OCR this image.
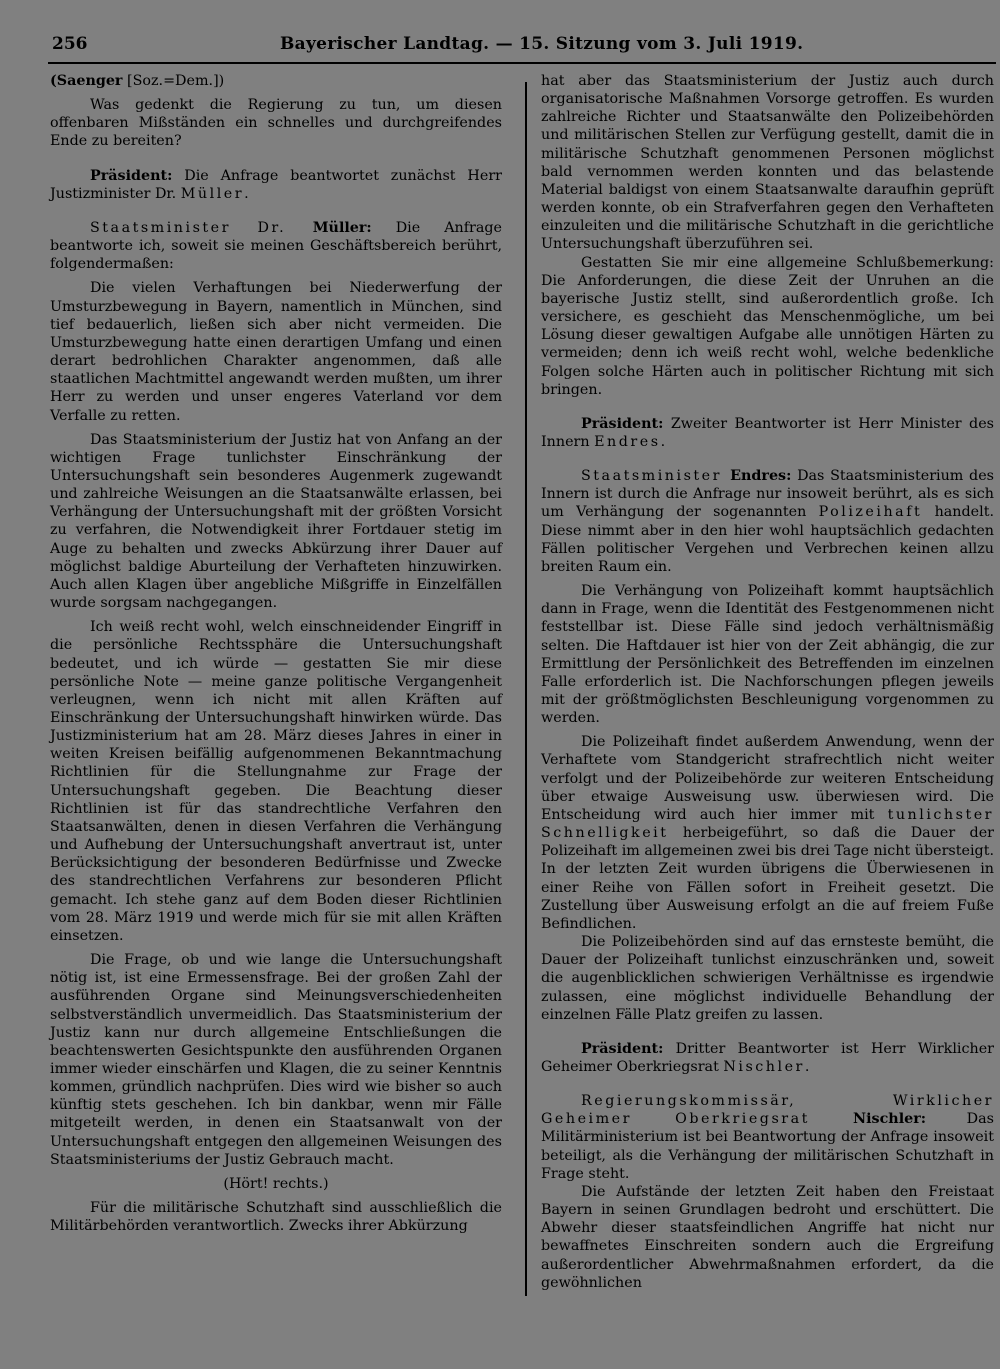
256	Bayerischer Landtag. — 15. Sitzung vom 3. Juli 1919.

(Saenger [Soz.=Dem.])

Was gedenkt die Regierung zu tun, um diesen offenbaren Mißständen ein schnelles und durchgreifendes Ende zu bereiten?

Präsident: Die Anfrage beantwortet zunächst Herr Justizminister Dr. Müller.

Staatsminister Dr. Müller: Die Anfrage beantworte ich, soweit sie meinen Geschäftsbereich berührt, folgendermaßen:

Die vielen Verhaftungen bei Niederwerfung der Umsturzbewegung in Bayern, namentlich in München, sind tief bedauerlich, ließen sich aber nicht vermeiden. Die Umsturzbewegung hatte einen derartigen Umfang und einen derart bedrohlichen Charakter angenommen, daß alle staatlichen Machtmittel angewandt werden mußten, um ihrer Herr zu werden und unser engeres Vaterland vor dem Verfalle zu retten.

Das Staatsministerium der Justiz hat von Anfang an der wichtigen Frage tunlichster Einschränkung der Untersuchungshaft sein besonderes Augenmerk zugewandt und zahlreiche Weisungen an die Staatsanwälte erlassen, bei Verhängung der Untersuchungshaft mit der größten Vorsicht zu verfahren, die Notwendigkeit ihrer Fortdauer stetig im Auge zu behalten und zwecks Abkürzung ihrer Dauer auf möglichst baldige Aburteilung der Verhafteten hinzuwirken. Auch allen Klagen über angebliche Mißgriffe in Einzelfällen wurde sorgsam nachgegangen.

Ich weiß recht wohl, welch einschneidender Eingriff in die persönliche Rechtssphäre die Untersuchungshaft bedeutet, und ich würde — gestatten Sie mir diese persönliche Note — meine ganze politische Vergangenheit verleugnen, wenn ich nicht mit allen Kräften auf Einschränkung der Untersuchungshaft hinwirken würde. Das Justizministerium hat am 28. März dieses Jahres in einer in weiten Kreisen beifällig aufgenommenen Bekanntmachung Richtlinien für die Stellungnahme zur Frage der Untersuchungshaft gegeben. Die Beachtung dieser Richtlinien ist für das standrechtliche Verfahren den Staatsanwälten, denen in diesen Verfahren die Verhängung und Aufhebung der Untersuchungshaft anvertraut ist, unter Berücksichtigung der besonderen Bedürfnisse und Zwecke des standrechtlichen Verfahrens zur besonderen Pflicht gemacht. Ich stehe ganz auf dem Boden dieser Richtlinien vom 28. März 1919 und werde mich für sie mit allen Kräften einsetzen.

Die Frage, ob und wie lange die Untersuchungshaft nötig ist, ist eine Ermessensfrage. Bei der großen Zahl der ausführenden Organe sind Meinungsverschiedenheiten selbstverständlich unvermeidlich. Das Staatsministerium der Justiz kann nur durch allgemeine Entschließungen die beachtenswerten Gesichtspunkte den ausführenden Organen immer wieder einschärfen und Klagen, die zu seiner Kenntnis kommen, gründlich nachprüfen. Dies wird wie bisher so auch künftig stets geschehen. Ich bin dankbar, wenn mir Fälle mitgeteilt werden, in denen ein Staatsanwalt von der Untersuchungshaft entgegen den allgemeinen Weisungen des Staatsministeriums der Justiz Gebrauch macht.

(Hört! rechts.)

Für die militärische Schutzhaft sind ausschließlich die Militärbehörden verantwortlich. Zwecks ihrer Abkürzung

hat aber das Staatsministerium der Justiz auch durch organisatorische Maßnahmen Vorsorge getroffen. Es wurden zahlreiche Richter und Staatsanwälte den Polizeibehörden und militärischen Stellen zur Verfügung gestellt, damit die in militärische Schutzhaft genommenen Personen möglichst bald vernommen werden konnten und das belastende Material baldigst von einem Staatsanwalte daraufhin geprüft werden konnte, ob ein Strafverfahren gegen den Verhafteten einzuleiten und die militärische Schutzhaft in die gerichtliche Untersuchungshaft überzuführen sei.

Gestatten Sie mir eine allgemeine Schlußbemerkung: Die Anforderungen, die diese Zeit der Unruhen an die bayerische Justiz stellt, sind außerordentlich große. Ich versichere, es geschieht das Menschenmögliche, um bei Lösung dieser gewaltigen Aufgabe alle unnötigen Härten zu vermeiden; denn ich weiß recht wohl, welche bedenkliche Folgen solche Härten auch in politischer Richtung mit sich bringen.

Präsident: Zweiter Beantworter ist Herr Minister des Innern Endres.

Staatsminister Endres: Das Staatsministerium des Innern ist durch die Anfrage nur insoweit berührt, als es sich um Verhängung der sogenannten Polizeihaft handelt. Diese nimmt aber in den hier wohl hauptsächlich gedachten Fällen politischer Vergehen und Verbrechen keinen allzu breiten Raum ein.

Die Verhängung von Polizeihaft kommt hauptsächlich dann in Frage, wenn die Identität des Festgenommenen nicht feststellbar ist. Diese Fälle sind jedoch verhältnismäßig selten. Die Haftdauer ist hier von der Zeit abhängig, die zur Ermittlung der Persönlichkeit des Betreffenden im einzelnen Falle erforderlich ist. Die Nachforschungen pflegen jeweils mit der größtmöglichsten Beschleunigung vorgenommen zu werden.

Die Polizeihaft findet außerdem Anwendung, wenn der Verhaftete vom Standgericht strafrechtlich nicht weiter verfolgt und der Polizeibehörde zur weiteren Entscheidung über etwaige Ausweisung usw. überwiesen wird. Die Entscheidung wird auch hier immer mit tunlichster Schnelligkeit herbeigeführt, so daß die Dauer der Polizeihaft im allgemeinen zwei bis drei Tage nicht übersteigt. In der letzten Zeit wurden übrigens die Überwiesenen in einer Reihe von Fällen sofort in Freiheit gesetzt. Die Zustellung über Ausweisung erfolgt an die auf freiem Fuße Befindlichen.

Die Polizeibehörden sind auf das ernsteste bemüht, die Dauer der Polizeihaft tunlichst einzuschränken und, soweit die augenblicklichen schwierigen Verhältnisse es irgendwie zulassen, eine möglichst individuelle Behandlung der einzelnen Fälle Platz greifen zu lassen.

Präsident: Dritter Beantworter ist Herr Wirklicher Geheimer Oberkriegsrat Nischler.

Regierungskommissär, Wirklicher Geheimer Oberkriegsrat Nischler: Das Militärministerium ist bei Beantwortung der Anfrage insoweit beteiligt, als die Verhängung der militärischen Schutzhaft in Frage steht.

Die Aufstände der letzten Zeit haben den Freistaat Bayern in seinen Grundlagen bedroht und erschüttert. Die Abwehr dieser staatsfeindlichen Angriffe hat nicht nur bewaffnetes Einschreiten sondern auch die Ergreifung außerordentlicher Abwehrmaßnahmen erfordert, da die gewöhnlichen
